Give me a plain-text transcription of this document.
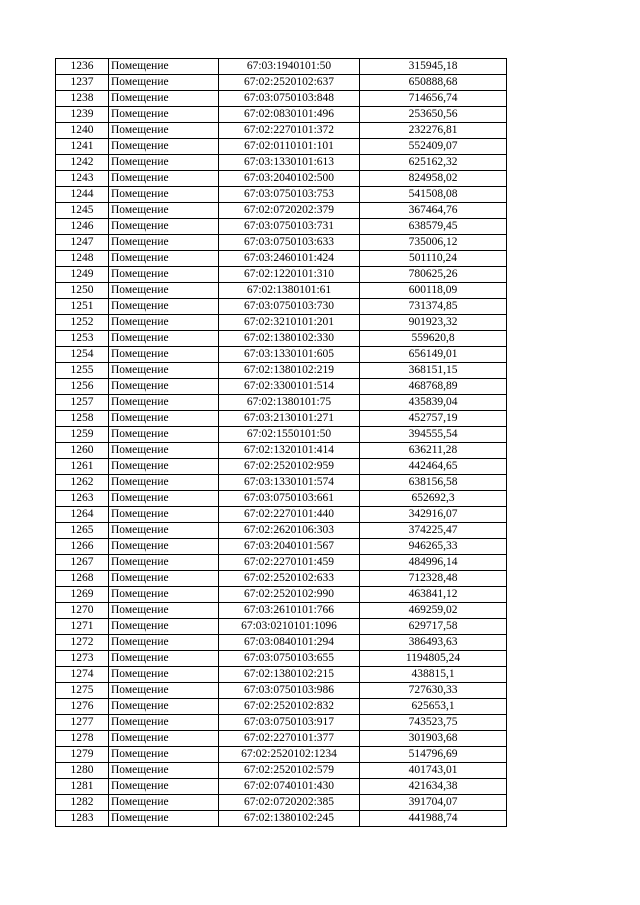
1236	Помещение	67:03:1940101:50	315945,18
1237	Помещение	67:02:2520102:637	650888,68
1238	Помещение	67:03:0750103:848	714656,74
1239	Помещение	67:02:0830101:496	253650,56
1240	Помещение	67:02:2270101:372	232276,81
1241	Помещение	67:02:0110101:101	552409,07
1242	Помещение	67:03:1330101:613	625162,32
1243	Помещение	67:03:2040102:500	824958,02
1244	Помещение	67:03:0750103:753	541508,08
1245	Помещение	67:02:0720202:379	367464,76
1246	Помещение	67:03:0750103:731	638579,45
1247	Помещение	67:03:0750103:633	735006,12
1248	Помещение	67:03:2460101:424	501110,24
1249	Помещение	67:02:1220101:310	780625,26
1250	Помещение	67:02:1380101:61	600118,09
1251	Помещение	67:03:0750103:730	731374,85
1252	Помещение	67:02:3210101:201	901923,32
1253	Помещение	67:02:1380102:330	559620,8
1254	Помещение	67:03:1330101:605	656149,01
1255	Помещение	67:02:1380102:219	368151,15
1256	Помещение	67:02:3300101:514	468768,89
1257	Помещение	67:02:1380101:75	435839,04
1258	Помещение	67:03:2130101:271	452757,19
1259	Помещение	67:02:1550101:50	394555,54
1260	Помещение	67:02:1320101:414	636211,28
1261	Помещение	67:02:2520102:959	442464,65
1262	Помещение	67:03:1330101:574	638156,58
1263	Помещение	67:03:0750103:661	652692,3
1264	Помещение	67:02:2270101:440	342916,07
1265	Помещение	67:02:2620106:303	374225,47
1266	Помещение	67:03:2040101:567	946265,33
1267	Помещение	67:02:2270101:459	484996,14
1268	Помещение	67:02:2520102:633	712328,48
1269	Помещение	67:02:2520102:990	463841,12
1270	Помещение	67:03:2610101:766	469259,02
1271	Помещение	67:03:0210101:1096	629717,58
1272	Помещение	67:03:0840101:294	386493,63
1273	Помещение	67:03:0750103:655	1194805,24
1274	Помещение	67:02:1380102:215	438815,1
1275	Помещение	67:03:0750103:986	727630,33
1276	Помещение	67:02:2520102:832	625653,1
1277	Помещение	67:03:0750103:917	743523,75
1278	Помещение	67:02:2270101:377	301903,68
1279	Помещение	67:02:2520102:1234	514796,69
1280	Помещение	67:02:2520102:579	401743,01
1281	Помещение	67:02:0740101:430	421634,38
1282	Помещение	67:02:0720202:385	391704,07
1283	Помещение	67:02:1380102:245	441988,74
